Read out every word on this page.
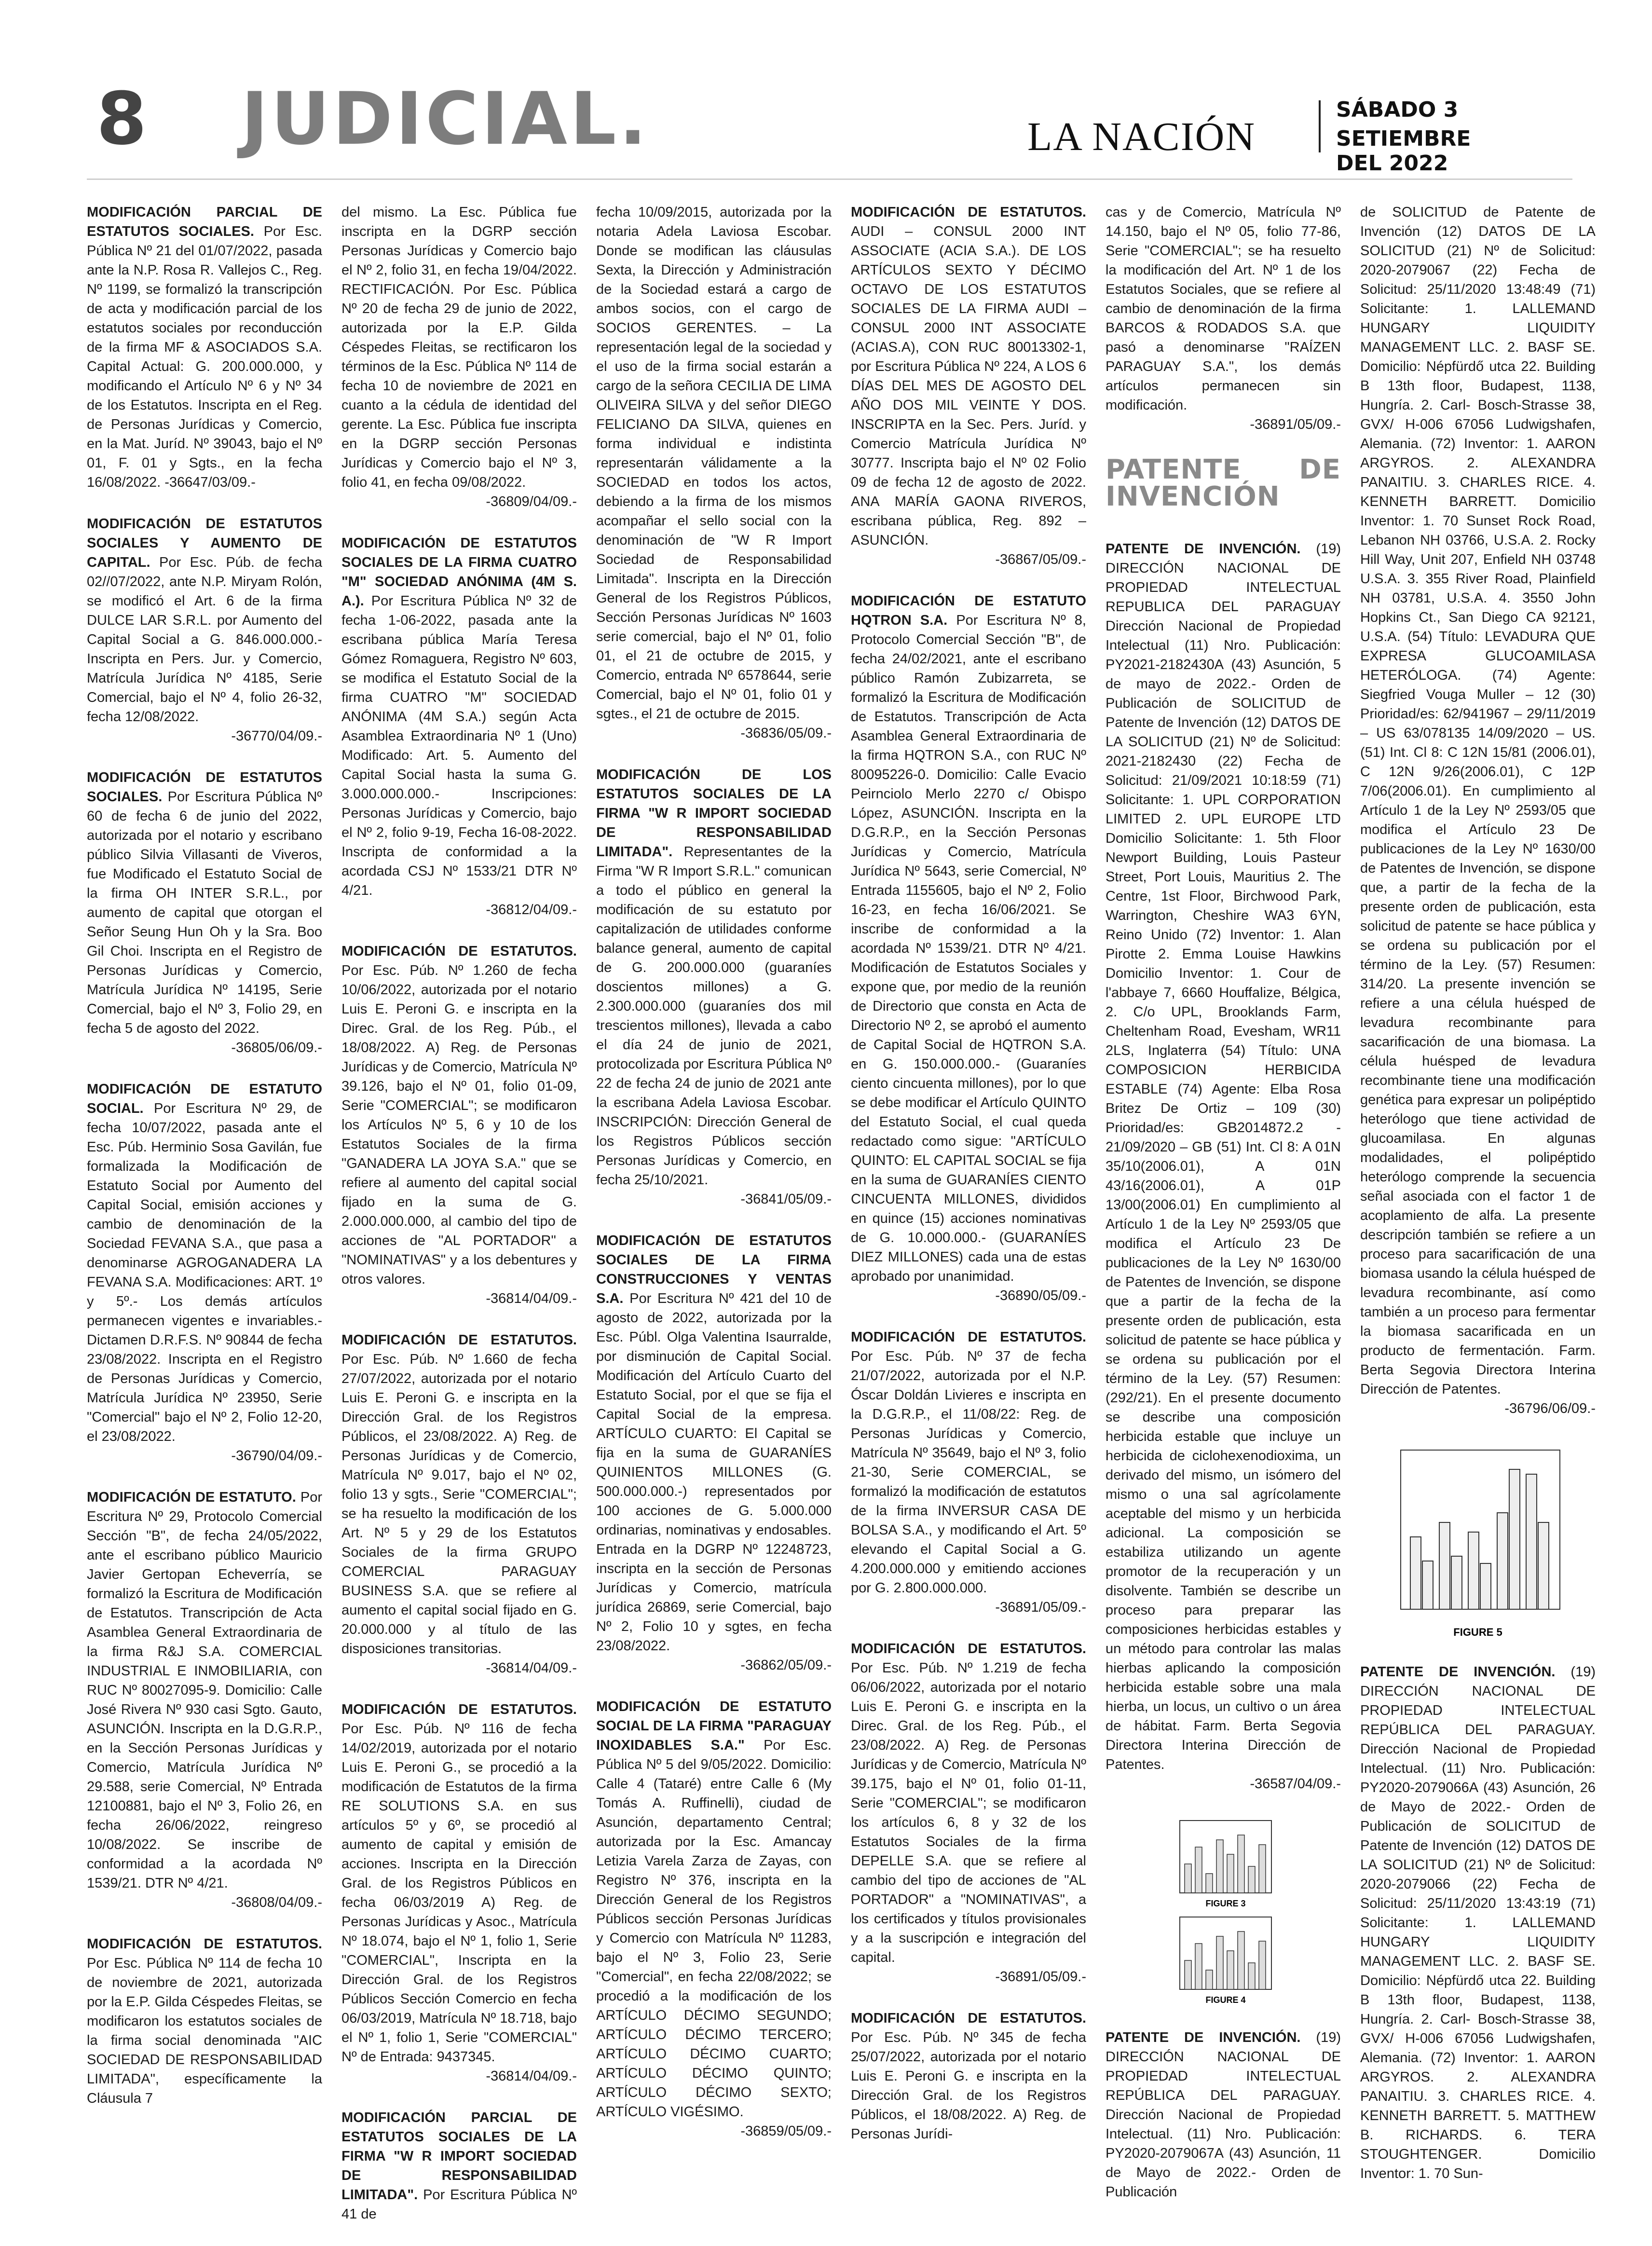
8 JUDICIAL.	LA NACIÓN
SÁBADO 3
SETIEMBRE DEL 2022
MODIFICACIÓN PARCIAL DE ESTATUTOS SOCIALES. Por Esc. Pública Nº 21 del 01/07/2022, pasada ante la N.P. Rosa R. Vallejos C., Reg. Nº 1199, se formalizó la transcripción de acta y modificación parcial de los estatutos sociales por reconducción de la firma MF & ASOCIADOS S.A. Capital Actual: G. 200.000.000, y modificando el Artículo Nº 6 y Nº 34 de los Estatutos. Inscripta en el Reg. de Personas Jurídicas y Comercio, en la Mat. Juríd. Nº 39043, bajo el Nº 01, F. 01 y Sgts., en la fecha 16/08/2022. -36647/03/09.-
MODIFICACIÓN DE ESTATUTOS SOCIALES Y AUMENTO DE CAPITAL. Por Esc. Púb. de fecha 02//07/2022, ante N.P. Miryam Rolón, se modificó el Art. 6 de la firma DULCE LAR S.R.L. por Aumento del Capital Social a G. 846.000.000.- Inscripta en Pers. Jur. y Comercio, Matrícula Jurídica Nº 4185, Serie Comercial, bajo el Nº 4, folio 26-32, fecha 12/08/2022.
-36770/04/09.-
MODIFICACIÓN DE ESTATUTOS SOCIALES. Por Escritura Pública Nº 60 de fecha 6 de junio del 2022, autorizada por el notario y escribano público Silvia Villasanti de Viveros, fue Modificado el Estatuto Social de la firma OH INTER S.R.L., por aumento de capital que otorgan el Señor Seung Hun Oh y la Sra. Boo Gil Choi. Inscripta en el Registro de Personas Jurídicas y Comercio, Matrícula Jurídica Nº 14195, Serie Comercial, bajo el Nº 3, Folio 29, en fecha 5 de agosto del 2022.
-36805/06/09.-
MODIFICACIÓN DE ESTATUTO SOCIAL. Por Escritura Nº 29, de fecha 10/07/2022, pasada ante el Esc. Púb. Herminio Sosa Gavilán, fue formalizada la Modificación de Estatuto Social por Aumento del Capital Social, emisión acciones y cambio de denominación de la Sociedad FEVANA S.A., que pasa a denominarse AGROGANADERA LA FEVANA S.A. Modificaciones: ART. 1º y 5º.- Los demás artículos permanecen vigentes e invariables.- Dictamen D.R.F.S. Nº 90844 de fecha 23/08/2022. Inscripta en el Registro de Personas Jurídicas y Comercio, Matrícula Jurídica Nº 23950, Serie "Comercial" bajo el Nº 2, Folio 12-20, el 23/08/2022.
-36790/04/09.-
MODIFICACIÓN DE ESTATUTO. Por Escritura Nº 29, Protocolo Comercial Sección "B", de fecha 24/05/2022, ante el escribano público Mauricio Javier Gertopan Echeverría, se formalizó la Escritura de Modificación de Estatutos. Transcripción de Acta Asamblea General Extraordinaria de la firma R&J S.A. COMERCIAL INDUSTRIAL E INMOBILIARIA, con RUC Nº 80027095-9. Domicilio: Calle José Rivera Nº 930 casi Sgto. Gauto, ASUNCIÓN. Inscripta en la D.G.R.P., en la Sección Personas Jurídicas y Comercio, Matrícula Jurídica Nº 29.588, serie Comercial, Nº Entrada 12100881, bajo el Nº 3, Folio 26, en fecha 26/06/2022, reingreso 10/08/2022. Se inscribe de conformidad a la acordada Nº 1539/21. DTR Nº 4/21.
-36808/04/09.-
MODIFICACIÓN DE ESTATUTOS. Por Esc. Pública Nº 114 de fecha 10 de noviembre de 2021, autorizada por la E.P. Gilda Céspedes Fleitas, se modificaron los estatutos sociales de la firma social denominada "AIC SOCIEDAD DE RESPONSABILIDAD LIMITADA", específicamente la Cláusula 7
del mismo. La Esc. Pública fue inscripta en la DGRP sección Personas Jurídicas y Comercio bajo el Nº 2, folio 31, en fecha 19/04/2022. RECTIFICACIÓN. Por Esc. Pública Nº 20 de fecha 29 de junio de 2022, autorizada por la E.P. Gilda Céspedes Fleitas, se rectificaron los términos de la Esc. Pública Nº 114 de fecha 10 de noviembre de 2021 en cuanto a la cédula de identidad del gerente. La Esc. Pública fue inscripta en la DGRP sección Personas Jurídicas y Comercio bajo el Nº 3, folio 41, en fecha 09/08/2022.
-36809/04/09.-
MODIFICACIÓN DE ESTATUTOS SOCIALES DE LA FIRMA CUATRO "M" SOCIEDAD ANÓNIMA (4M S. A.). Por Escritura Pública Nº 32 de fecha 1-06-2022, pasada ante la escribana pública María Teresa Gómez Romaguera, Registro Nº 603, se modifica el Estatuto Social de la firma CUATRO "M" SOCIEDAD ANÓNIMA (4M S.A.) según Acta Asamblea Extraordinaria Nº 1 (Uno) Modificado: Art. 5. Aumento del Capital Social hasta la suma G. 3.000.000.000.- Inscripciones: Personas Jurídicas y Comercio, bajo el Nº 2, folio 9-19, Fecha 16-08-2022. Inscripta de conformidad a la acordada CSJ Nº 1533/21 DTR Nº 4/21.
-36812/04/09.-
MODIFICACIÓN DE ESTATUTOS. Por Esc. Púb. Nº 1.260 de fecha 10/06/2022, autorizada por el notario Luis E. Peroni G. e inscripta en la Direc. Gral. de los Reg. Púb., el 18/08/2022. A) Reg. de Personas Jurídicas y de Comercio, Matrícula Nº 39.126, bajo el Nº 01, folio 01-09, Serie "COMERCIAL"; se modificaron los Artículos Nº 5, 6 y 10 de los Estatutos Sociales de la firma "GANADERA LA JOYA S.A." que se refiere al aumento del capital social fijado en la suma de G. 2.000.000.000, al cambio del tipo de acciones de "AL PORTADOR" a "NOMINATIVAS" y a los debentures y otros valores.
-36814/04/09.-
MODIFICACIÓN DE ESTATUTOS. Por Esc. Púb. Nº 1.660 de fecha 27/07/2022, autorizada por el notario Luis E. Peroni G. e inscripta en la Dirección Gral. de los Registros Públicos, el 23/08/2022. A) Reg. de Personas Jurídicas y de Comercio, Matrícula Nº 9.017, bajo el Nº 02, folio 13 y sgts., Serie "COMERCIAL"; se ha resuelto la modificación de los Art. Nº 5 y 29 de los Estatutos Sociales de la firma GRUPO COMERCIAL PARAGUAY BUSINESS S.A. que se refiere al aumento el capital social fijado en G. 20.000.000 y al título de las disposiciones transitorias.
-36814/04/09.-
MODIFICACIÓN DE ESTATUTOS. Por Esc. Púb. Nº 116 de fecha 14/02/2019, autorizada por el notario Luis E. Peroni G., se procedió a la modificación de Estatutos de la firma RE SOLUTIONS S.A. en sus artículos 5º y 6º, se procedió al aumento de capital y emisión de acciones. Inscripta en la Dirección Gral. de los Registros Públicos en fecha 06/03/2019 A) Reg. de Personas Jurídicas y Asoc., Matrícula Nº 18.074, bajo el Nº 1, folio 1, Serie "COMERCIAL", Inscripta en la Dirección Gral. de los Registros Públicos Sección Comercio en fecha 06/03/2019, Matrícula Nº 18.718, bajo el Nº 1, folio 1, Serie "COMERCIAL" Nº de Entrada: 9437345.
-36814/04/09.-
MODIFICACIÓN PARCIAL DE ESTATUTOS SOCIALES DE LA FIRMA "W R IMPORT SOCIEDAD DE RESPONSABILIDAD LIMITADA". Por Escritura Pública Nº 41 de
fecha 10/09/2015, autorizada por la notaria Adela Laviosa Escobar. Donde se modifican las cláusulas Sexta, la Dirección y Administración de la Sociedad estará a cargo de ambos socios, con el cargo de SOCIOS GERENTES. – La representación legal de la sociedad y el uso de la firma social estarán a cargo de la señora CECILIA DE LIMA OLIVEIRA SILVA y del señor DIEGO FELICIANO DA SILVA, quienes en forma individual e indistinta representarán válidamente a la SOCIEDAD en todos los actos, debiendo a la firma de los mismos acompañar el sello social con la denominación de "W R Import Sociedad de Responsabilidad Limitada". Inscripta en la Dirección General de los Registros Públicos, Sección Personas Jurídicas Nº 1603 serie comercial, bajo el Nº 01, folio 01, el 21 de octubre de 2015, y Comercio, entrada Nº 6578644, serie Comercial, bajo el Nº 01, folio 01 y sgtes., el 21 de octubre de 2015.
-36836/05/09.-
MODIFICACIÓN DE LOS ESTATUTOS SOCIALES DE LA FIRMA "W R IMPORT SOCIEDAD DE RESPONSABILIDAD LIMITADA". Representantes de la Firma "W R Import S.R.L." comunican a todo el público en general la modificación de su estatuto por capitalización de utilidades conforme balance general, aumento de capital de G. 200.000.000 (guaraníes doscientos millones) a G. 2.300.000.000 (guaraníes dos mil trescientos millones), llevada a cabo el día 24 de junio de 2021, protocolizada por Escritura Pública Nº 22 de fecha 24 de junio de 2021 ante la escribana Adela Laviosa Escobar. INSCRIPCIÓN: Dirección General de los Registros Públicos sección Personas Jurídicas y Comercio, en fecha 25/10/2021.
-36841/05/09.-
MODIFICACIÓN DE ESTATUTOS SOCIALES DE LA FIRMA CONSTRUCCIONES Y VENTAS S.A. Por Escritura Nº 421 del 10 de agosto de 2022, autorizada por la Esc. Públ. Olga Valentina Isaurralde, por disminución de Capital Social. Modificación del Artículo Cuarto del Estatuto Social, por el que se fija el Capital Social de la empresa. ARTÍCULO CUARTO: El Capital se fija en la suma de GUARANÍES QUINIENTOS MILLONES (G. 500.000.000.-) representados por 100 acciones de G. 5.000.000 ordinarias, nominativas y endosables. Entrada en la DGRP Nº 12248723, inscripta en la sección de Personas Jurídicas y Comercio, matrícula jurídica 26869, serie Comercial, bajo Nº 2, Folio 10 y sgtes, en fecha 23/08/2022.
-36862/05/09.-
MODIFICACIÓN DE ESTATUTO SOCIAL DE LA FIRMA "PARAGUAY INOXIDABLES S.A." Por Esc. Pública Nº 5 del 9/05/2022. Domicilio: Calle 4 (Tataré) entre Calle 6 (My Tomás A. Ruffinelli), ciudad de Asunción, departamento Central; autorizada por la Esc. Amancay Letizia Varela Zarza de Zayas, con Registro Nº 376, inscripta en la Dirección General de los Registros Públicos sección Personas Jurídicas y Comercio con Matrícula Nº 11283, bajo el Nº 3, Folio 23, Serie "Comercial", en fecha 22/08/2022; se procedió a la modificación de los ARTÍCULO DÉCIMO SEGUNDO; ARTÍCULO DÉCIMO TERCERO; ARTÍCULO DÉCIMO CUARTO; ARTÍCULO DÉCIMO QUINTO; ARTÍCULO DÉCIMO SEXTO; ARTÍCULO VIGÉSIMO.
-36859/05/09.-
MODIFICACIÓN DE ESTATUTOS. AUDI – CONSUL 2000 INT ASSOCIATE (ACIA S.A.). DE LOS ARTÍCULOS SEXTO Y DÉCIMO OCTAVO DE LOS ESTATUTOS SOCIALES DE LA FIRMA AUDI – CONSUL 2000 INT ASSOCIATE (ACIAS.A), CON RUC 80013302-1, por Escritura Pública Nº 224, A LOS 6 DÍAS DEL MES DE AGOSTO DEL AÑO DOS MIL VEINTE Y DOS. INSCRIPTA en la Sec. Pers. Juríd. y Comercio Matrícula Jurídica Nº 30777. Inscripta bajo el Nº 02 Folio 09 de fecha 12 de agosto de 2022. ANA MARÍA GAONA RIVEROS, escribana pública, Reg. 892 – ASUNCIÓN.
-36867/05/09.-
MODIFICACIÓN DE ESTATUTO HQTRON S.A. Por Escritura Nº 8, Protocolo Comercial Sección "B", de fecha 24/02/2021, ante el escribano público Ramón Zubizarreta, se formalizó la Escritura de Modificación de Estatutos. Transcripción de Acta Asamblea General Extraordinaria de la firma HQTRON S.A., con RUC Nº 80095226-0. Domicilio: Calle Evacio Peirnciolo Merlo 2270 c/ Obispo López, ASUNCIÓN. Inscripta en la D.G.R.P., en la Sección Personas Jurídicas y Comercio, Matrícula Jurídica Nº 5643, serie Comercial, Nº Entrada 1155605, bajo el Nº 2, Folio 16-23, en fecha 16/06/2021. Se inscribe de conformidad a la acordada Nº 1539/21. DTR Nº 4/21. Modificación de Estatutos Sociales y expone que, por medio de la reunión de Directorio que consta en Acta de Directorio Nº 2, se aprobó el aumento de Capital Social de HQTRON S.A. en G. 150.000.000.- (Guaraníes ciento cincuenta millones), por lo que se debe modificar el Artículo QUINTO del Estatuto Social, el cual queda redactado como sigue: "ARTÍCULO QUINTO: EL CAPITAL SOCIAL se fija en la suma de GUARANÍES CIENTO CINCUENTA MILLONES, divididos en quince (15) acciones nominativas de G. 10.000.000.- (GUARANÍES DIEZ MILLONES) cada una de estas aprobado por unanimidad.
-36890/05/09.-
MODIFICACIÓN DE ESTATUTOS. Por Esc. Púb. Nº 37 de fecha 21/07/2022, autorizada por el N.P. Óscar Doldán Livieres e inscripta en la D.G.R.P., el 11/08/22: Reg. de Personas Jurídicas y Comercio, Matrícula Nº 35649, bajo el Nº 3, folio 21-30, Serie COMERCIAL, se formalizó la modificación de estatutos de la firma INVERSUR CASA DE BOLSA S.A., y modificando el Art. 5º elevando el Capital Social a G. 4.200.000.000 y emitiendo acciones por G. 2.800.000.000.
-36891/05/09.-
MODIFICACIÓN DE ESTATUTOS. Por Esc. Púb. Nº 1.219 de fecha 06/06/2022, autorizada por el notario Luis E. Peroni G. e inscripta en la Direc. Gral. de los Reg. Púb., el 23/08/2022. A) Reg. de Personas Jurídicas y de Comercio, Matrícula Nº 39.175, bajo el Nº 01, folio 01-11, Serie "COMERCIAL"; se modificaron los artículos 6, 8 y 32 de los Estatutos Sociales de la firma DEPELLE S.A. que se refiere al cambio del tipo de acciones de "AL PORTADOR" a "NOMINATIVAS", a los certificados y títulos provisionales y a la suscripción e integración del capital.
-36891/05/09.-
MODIFICACIÓN DE ESTATUTOS. Por Esc. Púb. Nº 345 de fecha 25/07/2022, autorizada por el notario Luis E. Peroni G. e inscripta en la Dirección Gral. de los Registros Públicos, el 18/08/2022. A) Reg. de Personas Jurídi-
cas y de Comercio, Matrícula Nº 14.150, bajo el Nº 05, folio 77-86, Serie "COMERCIAL"; se ha resuelto la modificación del Art. Nº 1 de los Estatutos Sociales, que se refiere al cambio de denominación de la firma BARCOS & RODADOS S.A. que pasó a denominarse "RAÍZEN PARAGUAY S.A.", los demás artículos permanecen sin modificación.
-36891/05/09.-
PATENTE DE INVENCIÓN
PATENTE DE INVENCIÓN. (19) DIRECCIÓN NACIONAL DE PROPIEDAD INTELECTUAL REPUBLICA DEL PARAGUAY Dirección Nacional de Propiedad Intelectual (11) Nro. Publicación: PY2021-2182430A (43) Asunción, 5 de mayo de 2022.- Orden de Publicación de SOLICITUD de Patente de Invención (12) DATOS DE LA SOLICITUD (21) Nº de Solicitud: 2021-2182430 (22) Fecha de Solicitud: 21/09/2021 10:18:59 (71) Solicitante: 1. UPL CORPORATION LIMITED 2. UPL EUROPE LTD Domicilio Solicitante: 1. 5th Floor Newport Building, Louis Pasteur Street, Port Louis, Mauritius 2. The Centre, 1st Floor, Birchwood Park, Warrington, Cheshire WA3 6YN, Reino Unido (72) Inventor: 1. Alan Pirotte 2. Emma Louise Hawkins Domicilio Inventor: 1. Cour de l'abbaye 7, 6660 Houffalize, Bélgica, 2. C/o UPL, Brooklands Farm, Cheltenham Road, Evesham, WR11 2LS, Inglaterra (54) Título: UNA COMPOSICION HERBICIDA ESTABLE (74) Agente: Elba Rosa Britez De Ortiz – 109 (30) Prioridad/es: GB2014872.2 - 21/09/2020 – GB (51) Int. Cl 8: A 01N 35/10(2006.01), A 01N 43/16(2006.01), A 01P 13/00(2006.01) En cumplimiento al Artículo 1 de la Ley Nº 2593/05 que modifica el Artículo 23 De publicaciones de la Ley Nº 1630/00 de Patentes de Invención, se dispone que a partir de la fecha de la presente orden de publicación, esta solicitud de patente se hace pública y se ordena su publicación por el término de la Ley. (57) Resumen: (292/21). En el presente documento se describe una composición herbicida estable que incluye un herbicida de ciclohexenodioxima, un derivado del mismo, un isómero del mismo o una sal agrícolamente aceptable del mismo y un herbicida adicional. La composición se estabiliza utilizando un agente promotor de la recuperación y un disolvente. También se describe un proceso para preparar las composiciones herbicidas estables y un método para controlar las malas hierbas aplicando la composición herbicida estable sobre una mala hierba, un locus, un cultivo o un área de hábitat. Farm. Berta Segovia Directora Interina Dirección de Patentes.
-36587/04/09.-
FIGURE 3
FIGURE 4
PATENTE DE INVENCIÓN. (19) DIRECCIÓN NACIONAL DE PROPIEDAD INTELECTUAL REPÚBLICA DEL PARAGUAY. Dirección Nacional de Propiedad Intelectual. (11) Nro. Publicación: PY2020-2079067A (43) Asunción, 11 de Mayo de 2022.- Orden de Publicación
de SOLICITUD de Patente de Invención (12) DATOS DE LA SOLICITUD (21) Nº de Solicitud: 2020-2079067 (22) Fecha de Solicitud: 25/11/2020 13:48:49 (71) Solicitante: 1. LALLEMAND HUNGARY LIQUIDITY MANAGEMENT LLC. 2. BASF SE. Domicilio: Népfürdő utca 22. Building B 13th floor, Budapest, 1138, Hungría. 2. Carl- Bosch-Strasse 38, GVX/ H-006 67056 Ludwigshafen, Alemania. (72) Inventor: 1. AARON ARGYROS. 2. ALEXANDRA PANAITIU. 3. CHARLES RICE. 4. KENNETH BARRETT. Domicilio Inventor: 1. 70 Sunset Rock Road, Lebanon NH 03766, U.S.A. 2. Rocky Hill Way, Unit 207, Enfield NH 03748 U.S.A. 3. 355 River Road, Plainfield NH 03781, U.S.A. 4. 3550 John Hopkins Ct., San Diego CA 92121, U.S.A. (54) Título: LEVADURA QUE EXPRESA GLUCOAMILASA HETERÓLOGA. (74) Agente: Siegfried Vouga Muller – 12 (30) Prioridad/es: 62/941967 – 29/11/2019 – US 63/078135 14/09/2020 – US. (51) Int. Cl 8: C 12N 15/81 (2006.01), C 12N 9/26(2006.01), C 12P 7/06(2006.01). En cumplimiento al Artículo 1 de la Ley Nº 2593/05 que modifica el Artículo 23 De publicaciones de la Ley Nº 1630/00 de Patentes de Invención, se dispone que, a partir de la fecha de la presente orden de publicación, esta solicitud de patente se hace pública y se ordena su publicación por el término de la Ley. (57) Resumen: 314/20. La presente invención se refiere a una célula huésped de levadura recombinante para sacarificación de una biomasa. La célula huésped de levadura recombinante tiene una modificación genética para expresar un polipéptido heterólogo que tiene actividad de glucoamilasa. En algunas modalidades, el polipéptido heterólogo comprende la secuencia señal asociada con el factor 1 de acoplamiento de alfa. La presente descripción también se refiere a un proceso para sacarificación de una biomasa usando la célula huésped de levadura recombinante, así como también a un proceso para fermentar la biomasa sacarificada en un producto de fermentación. Farm. Berta Segovia Directora Interina Dirección de Patentes.
-36796/06/09.-
FIGURE 5
PATENTE DE INVENCIÓN. (19) DIRECCIÓN NACIONAL DE PROPIEDAD INTELECTUAL REPÚBLICA DEL PARAGUAY. Dirección Nacional de Propiedad Intelectual. (11) Nro. Publicación: PY2020-2079066A (43) Asunción, 26 de Mayo de 2022.- Orden de Publicación de SOLICITUD de Patente de Invención (12) DATOS DE LA SOLICITUD (21) Nº de Solicitud: 2020-2079066 (22) Fecha de Solicitud: 25/11/2020 13:43:19 (71) Solicitante: 1. LALLEMAND HUNGARY LIQUIDITY MANAGEMENT LLC. 2. BASF SE. Domicilio: Népfürdő utca 22. Building B 13th floor, Budapest, 1138, Hungría. 2. Carl- Bosch-Strasse 38, GVX/ H-006 67056 Ludwigshafen, Alemania. (72) Inventor: 1. AARON ARGYROS. 2. ALEXANDRA PANAITIU. 3. CHARLES RICE. 4. KENNETH BARRETT. 5. MATTHEW B. RICHARDS. 6. TERA STOUGHTENGER. Domicilio Inventor: 1. 70 Sun-
